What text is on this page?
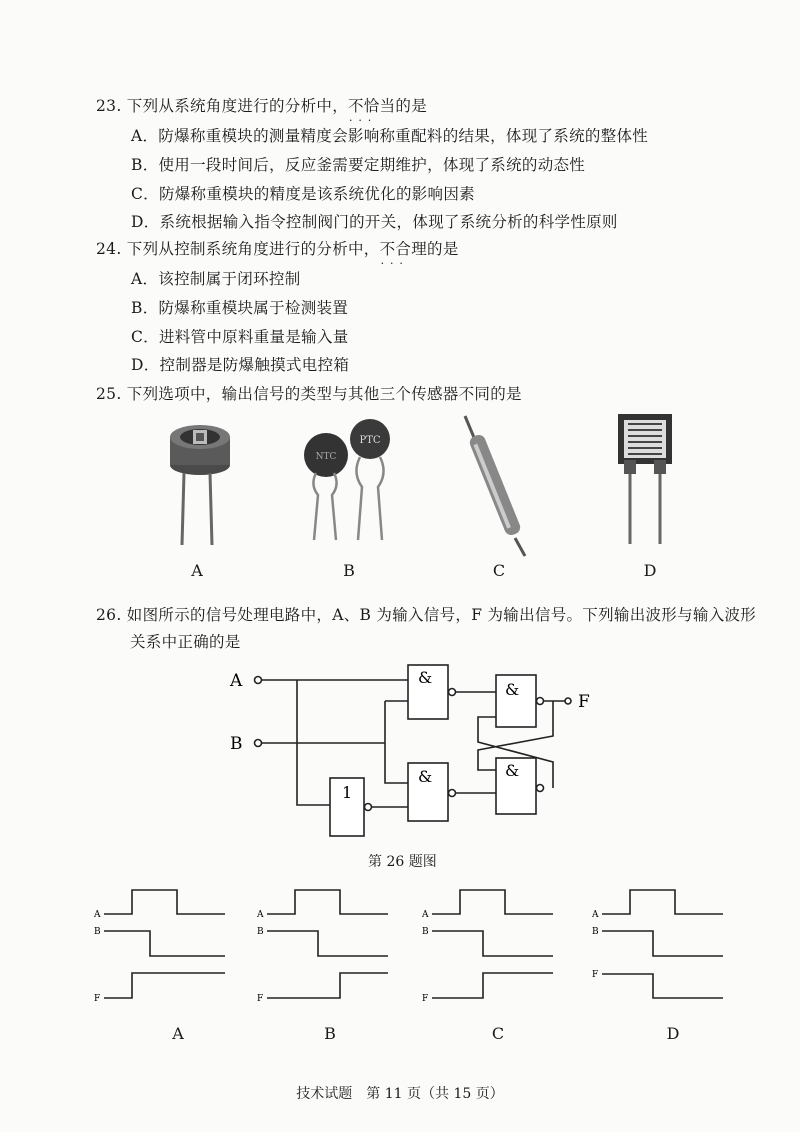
23. 下列从系统角度进行的分析中，不恰当 · · ·的是
A．防爆称重模块的测量精度会影响称重配料的结果，体现了系统的整体性
B．使用一段时间后，反应釜需要定期维护，体现了系统的动态性
C．防爆称重模块的精度是该系统优化的影响因素
D．系统根据输入指令控制阀门的开关，体现了系统分析的科学性原则
24. 下列从控制系统角度进行的分析中，不合理 · · ·的是
A．该控制属于闭环控制
B．防爆称重模块属于检测装置
C．进料管中原料重量是输入量
D．控制器是防爆触摸式电控箱
25. 下列选项中，输出信号的类型与其他三个传感器不同的是
NTC
PTC
A	B	C	D
26. 如图所示的信号处理电路中，A、B 为输入信号，F 为输出信号。下列输出波形与输入波形
关系中正确的是
A
B
F
&
&
&
&
1
第 26 题图
A
B
F
A
B
F
A
B
F
A
B
F
A	B	C	D
技术试题　第 11 页（共 15 页）
